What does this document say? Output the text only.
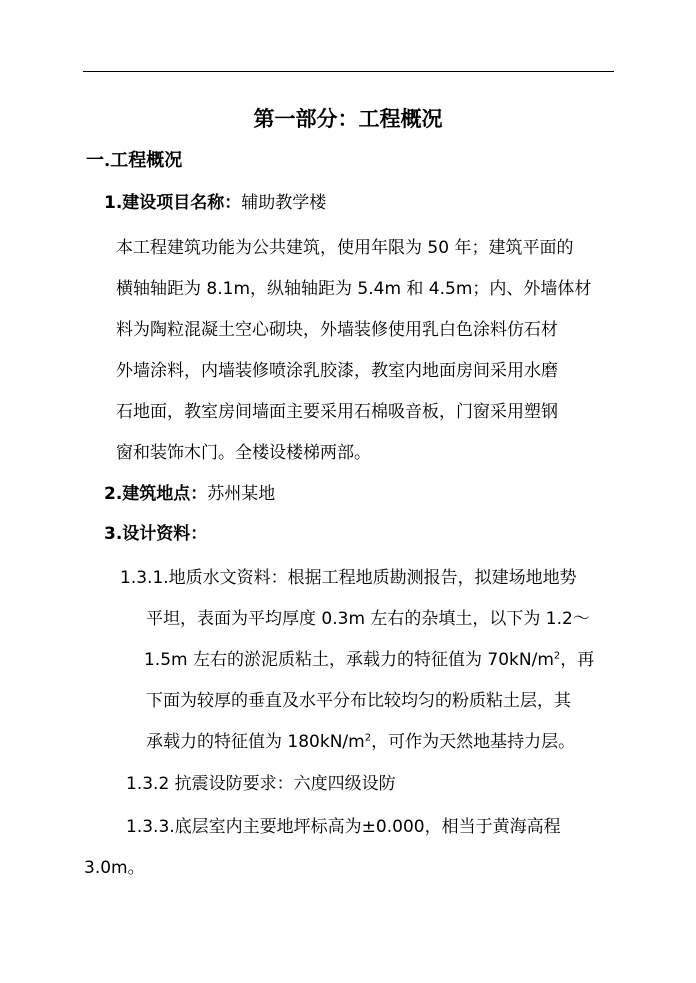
第一部分：工程概况
一.工程概况
1.建设项目名称：辅助教学楼
本工程建筑功能为公共建筑，使用年限为 50 年；建筑平面的
横轴轴距为 8.1m，纵轴轴距为 5.4m 和 4.5m；内、外墙体材
料为陶粒混凝土空心砌块，外墙装修使用乳白色涂料仿石材
外墙涂料，内墙装修喷涂乳胶漆，教室内地面房间采用水磨
石地面，教室房间墙面主要采用石棉吸音板，门窗采用塑钢
窗和装饰木门。全楼设楼梯两部。
2.建筑地点：苏州某地
3.设计资料：
1.3.1.地质水文资料：根据工程地质勘测报告，拟建场地地势
平坦，表面为平均厚度 0.3m 左右的杂填土，以下为 1.2～
1.5m 左右的淤泥质粘土，承载力的特征值为 $70kN/m^2$，再
下面为较厚的垂直及水平分布比较均匀的粉质粘土层，其
承载力的特征值为 $180kN/m^2$，可作为天然地基持力层。
1.3.2 抗震设防要求：六度四级设防
1.3.3.底层室内主要地坪标高为±0.000，相当于黄海高程
3.0m。
